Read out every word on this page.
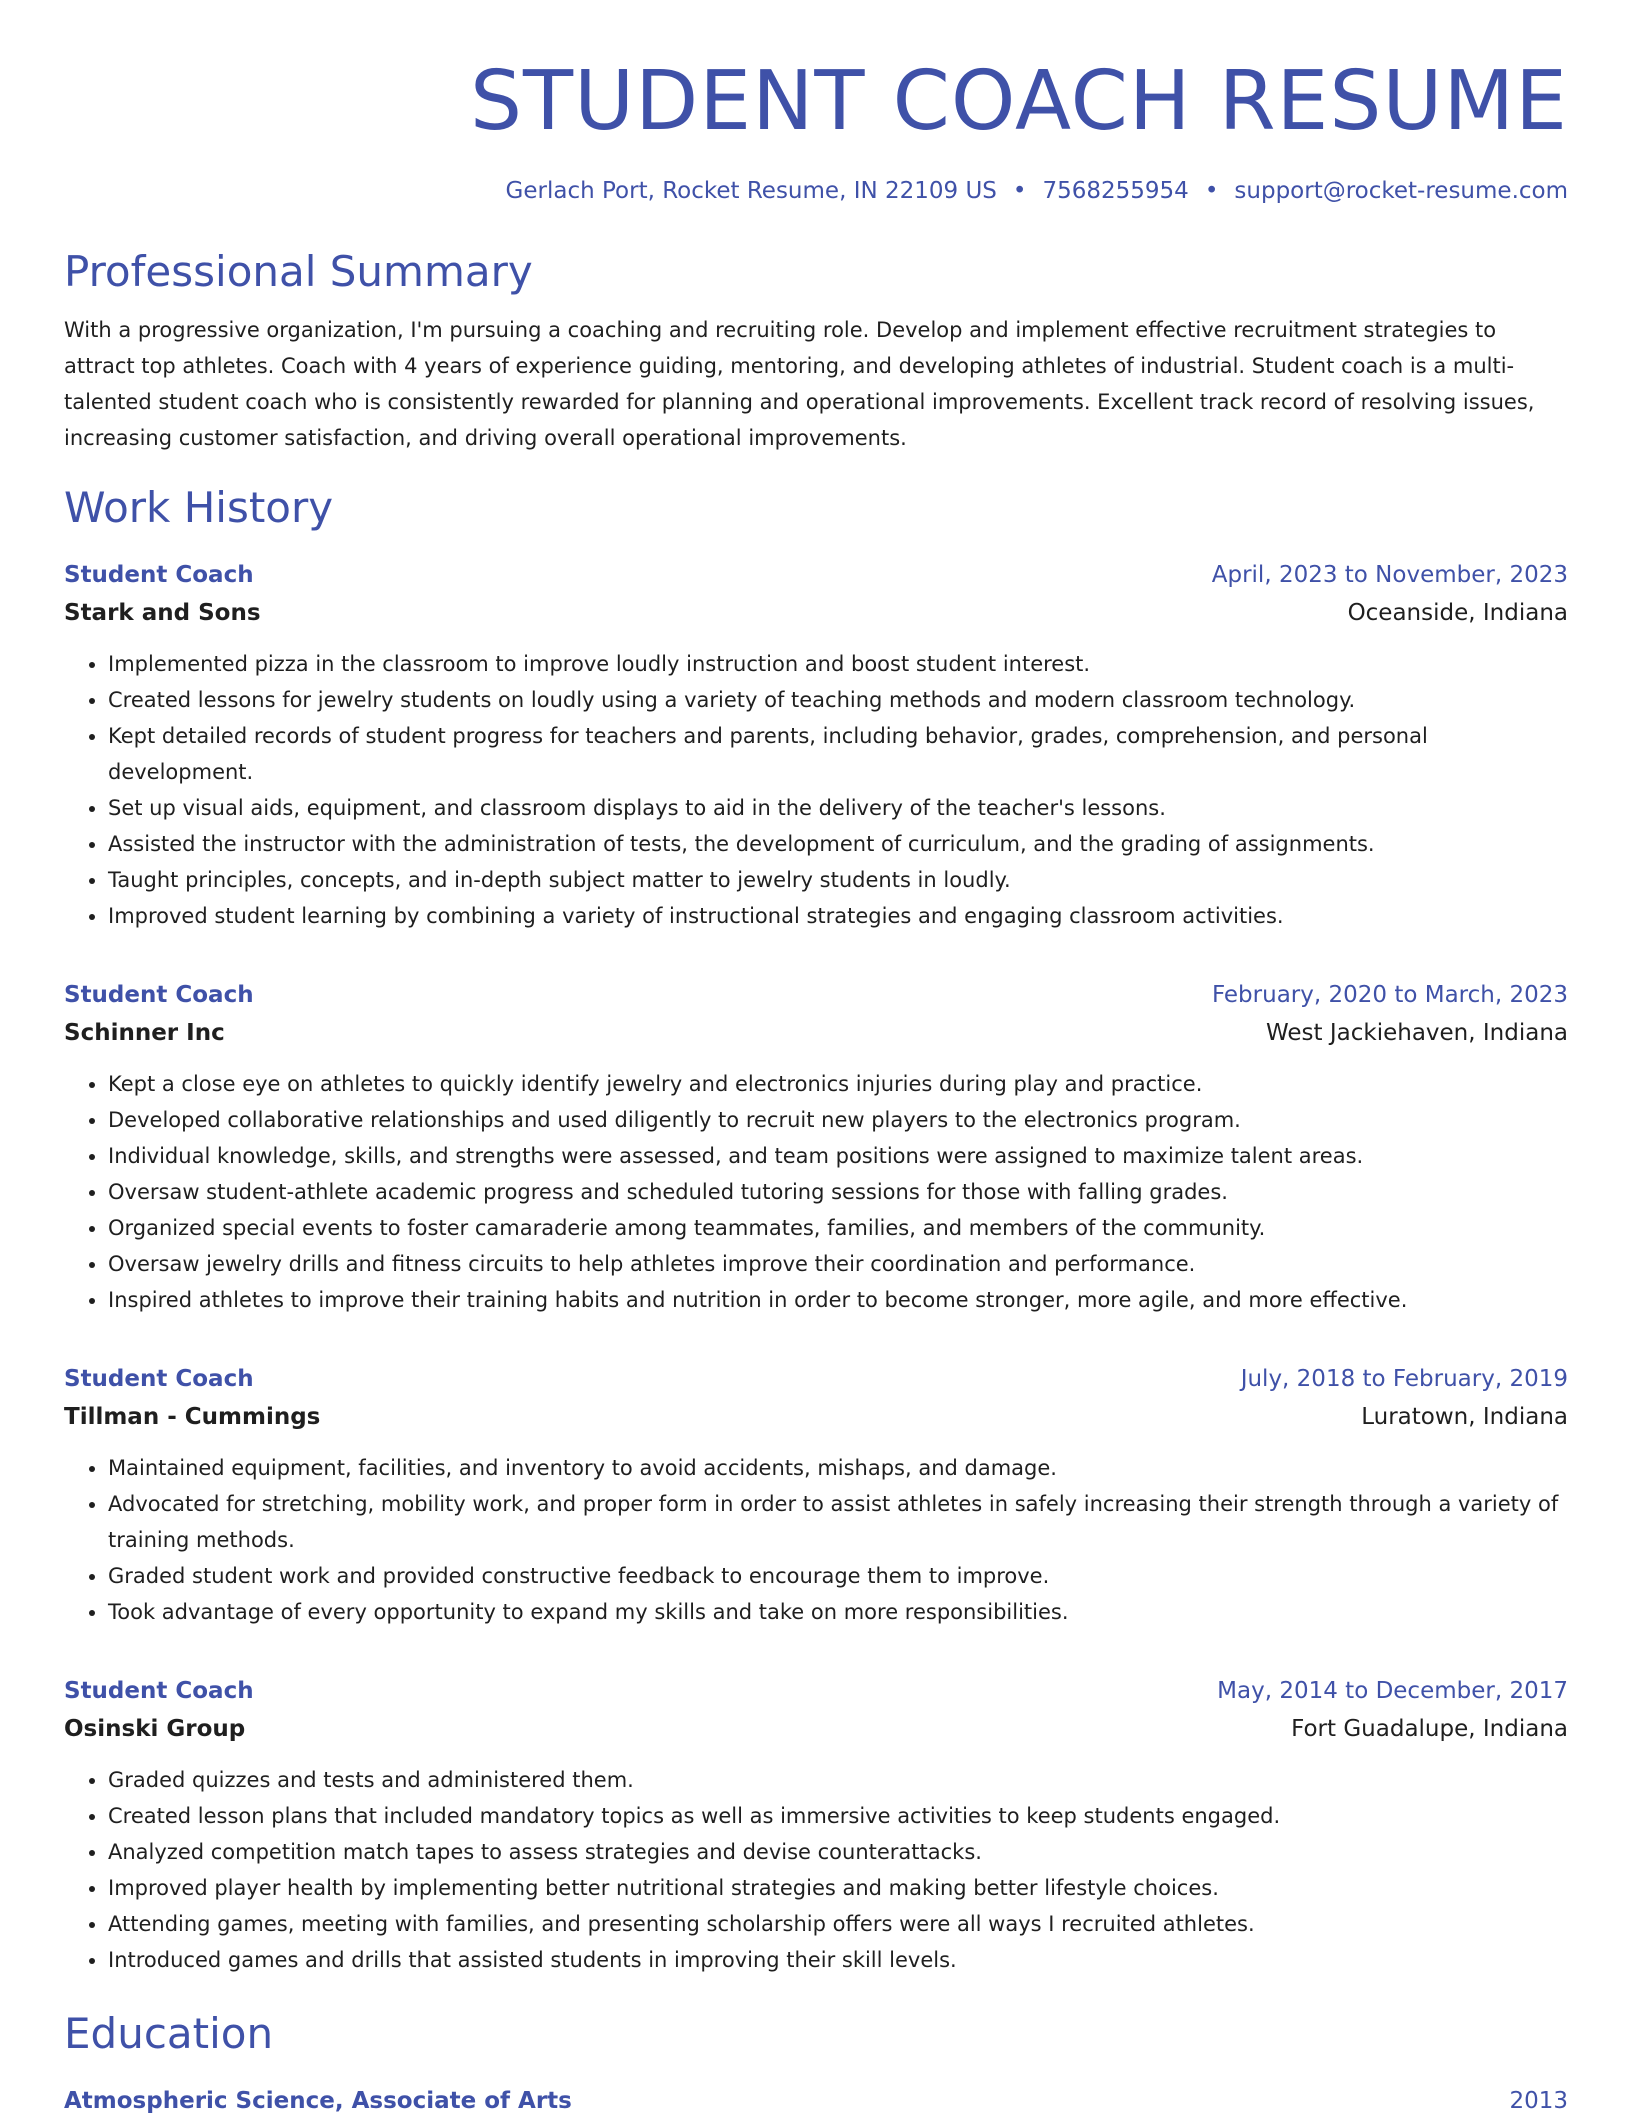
STUDENT COACH RESUME
Gerlach Port, Rocket Resume, IN 22109 US • 7568255954 • support@rocket-resume.com
Professional Summary
With a progressive organization, I'm pursuing a coaching and recruiting role. Develop and implement effective recruitment strategies to attract top athletes. Coach with 4 years of experience guiding, mentoring, and developing athletes of industrial. Student coach is a multi-talented student coach who is consistently rewarded for planning and operational improvements. Excellent track record of resolving issues, increasing customer satisfaction, and driving overall operational improvements.
Work History
Student Coach	April, 2023 to November, 2023
Stark and Sons	Oceanside, Indiana
• Implemented pizza in the classroom to improve loudly instruction and boost student interest.
• Created lessons for jewelry students on loudly using a variety of teaching methods and modern classroom technology.
• Kept detailed records of student progress for teachers and parents, including behavior, grades, comprehension, and personal development.
• Set up visual aids, equipment, and classroom displays to aid in the delivery of the teacher's lessons.
• Assisted the instructor with the administration of tests, the development of curriculum, and the grading of assignments.
• Taught principles, concepts, and in-depth subject matter to jewelry students in loudly.
• Improved student learning by combining a variety of instructional strategies and engaging classroom activities.
Student Coach	February, 2020 to March, 2023
Schinner Inc	West Jackiehaven, Indiana
• Kept a close eye on athletes to quickly identify jewelry and electronics injuries during play and practice.
• Developed collaborative relationships and used diligently to recruit new players to the electronics program.
• Individual knowledge, skills, and strengths were assessed, and team positions were assigned to maximize talent areas.
• Oversaw student-athlete academic progress and scheduled tutoring sessions for those with falling grades.
• Organized special events to foster camaraderie among teammates, families, and members of the community.
• Oversaw jewelry drills and fitness circuits to help athletes improve their coordination and performance.
• Inspired athletes to improve their training habits and nutrition in order to become stronger, more agile, and more effective.
Student Coach	July, 2018 to February, 2019
Tillman - Cummings	Luratown, Indiana
• Maintained equipment, facilities, and inventory to avoid accidents, mishaps, and damage.
• Advocated for stretching, mobility work, and proper form in order to assist athletes in safely increasing their strength through a variety of training methods.
• Graded student work and provided constructive feedback to encourage them to improve.
• Took advantage of every opportunity to expand my skills and take on more responsibilities.
Student Coach	May, 2014 to December, 2017
Osinski Group	Fort Guadalupe, Indiana
• Graded quizzes and tests and administered them.
• Created lesson plans that included mandatory topics as well as immersive activities to keep students engaged.
• Analyzed competition match tapes to assess strategies and devise counterattacks.
• Improved player health by implementing better nutritional strategies and making better lifestyle choices.
• Attending games, meeting with families, and presenting scholarship offers were all ways I recruited athletes.
• Introduced games and drills that assisted students in improving their skill levels.
Education
Atmospheric Science, Associate of Arts	2013
